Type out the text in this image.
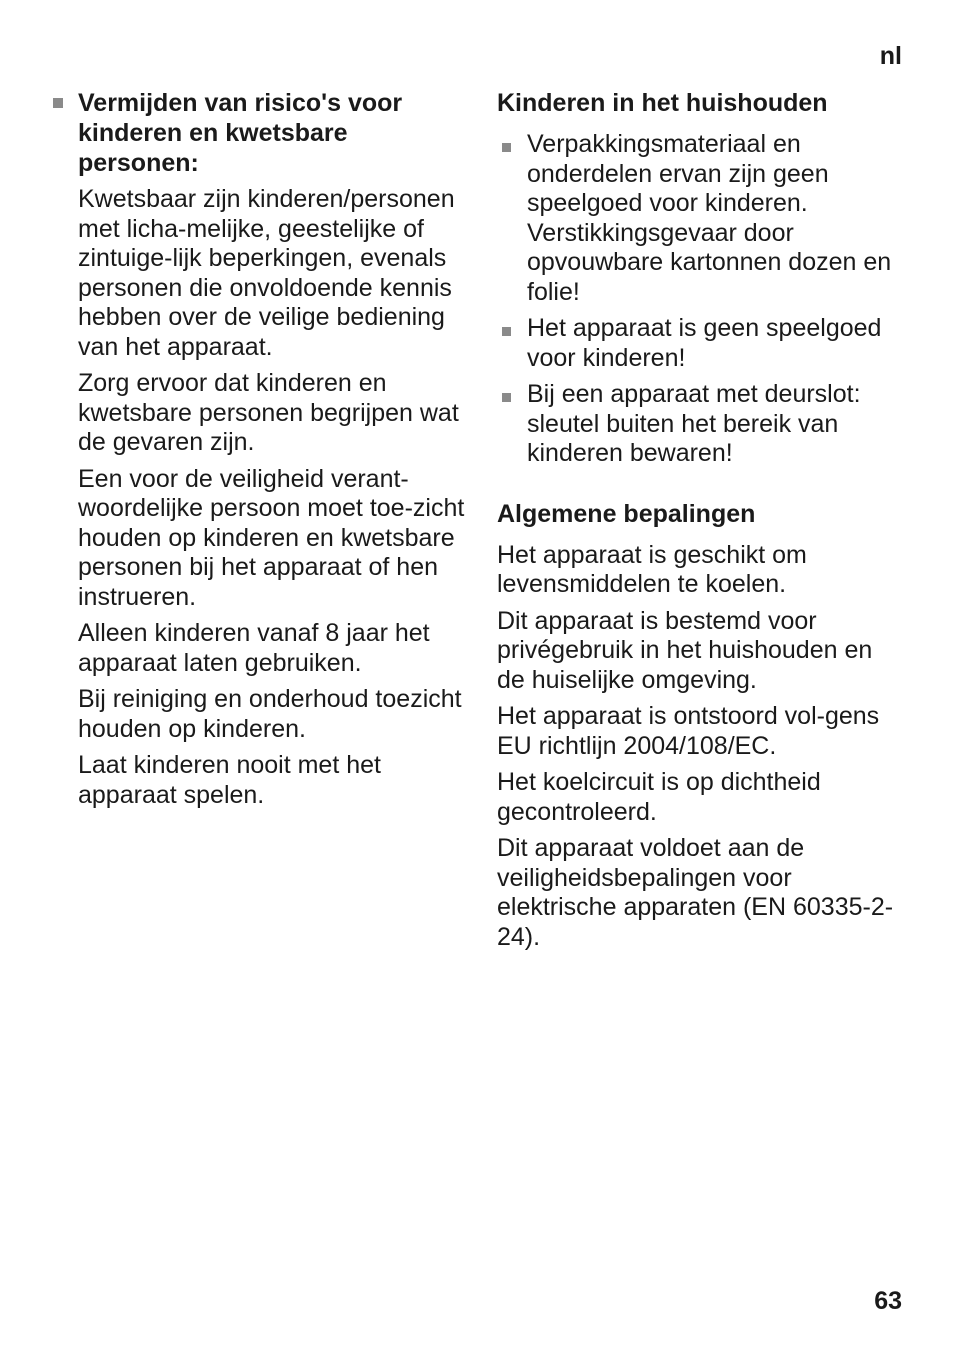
nl

Vermijden van risico's voor kinderen en kwetsbare personen:

Kwetsbaar zijn kinderen/personen met licha-melijke, geestelijke of zintuige-lijk beperkingen, evenals personen die onvoldoende kennis hebben over de veilige bediening van het apparaat.

Zorg ervoor dat kinderen en kwetsbare personen begrijpen wat de gevaren zijn.

Een voor de veiligheid verant-woordelijke persoon moet toe-zicht houden op kinderen en kwetsbare personen bij het apparaat of hen instrueren.

Alleen kinderen vanaf 8 jaar het apparaat laten gebruiken.

Bij reiniging en onderhoud toezicht houden op kinderen.

Laat kinderen nooit met het apparaat spelen.

Kinderen in het huishouden

Verpakkingsmateriaal en onderdelen ervan zijn geen speelgoed voor kinderen. Verstikkingsgevaar door opvouwbare kartonnen dozen en folie!

Het apparaat is geen speelgoed voor kinderen!

Bij een apparaat met deurslot: sleutel buiten het bereik van kinderen bewaren!

Algemene bepalingen

Het apparaat is geschikt om levensmiddelen te koelen.

Dit apparaat is bestemd voor privégebruik in het huishouden en de huiselijke omgeving.

Het apparaat is ontstoord vol-gens EU richtlijn 2004/108/EC.

Het koelcircuit is op dichtheid gecontroleerd.

Dit apparaat voldoet aan de veiligheidsbepalingen voor elektrische apparaten (EN 60335-2-24).

63
